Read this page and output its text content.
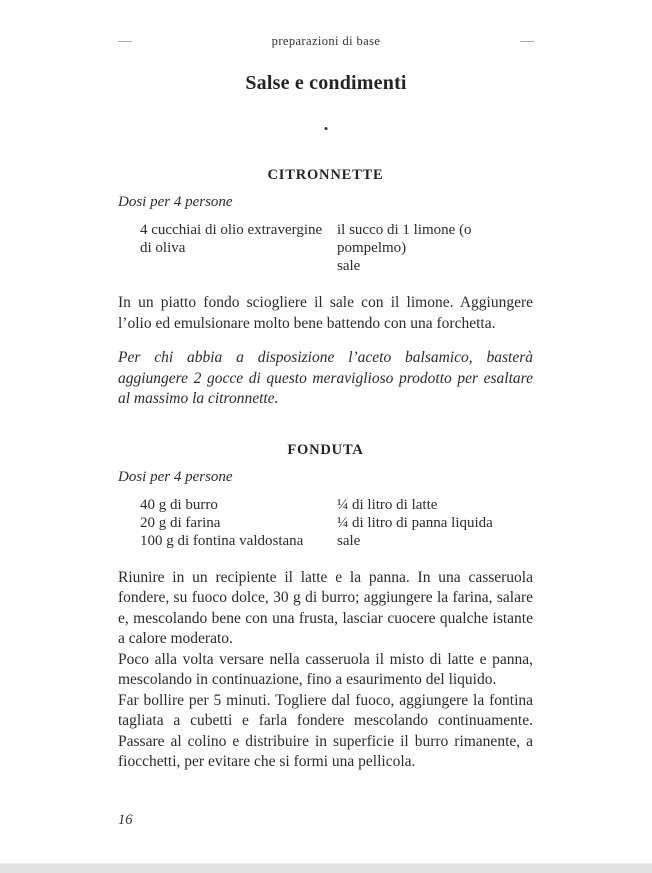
preparazioni di base
Salse e condimenti
•
CITRONNETTE

Dosi per 4 persone

4 cucchiai di olio extravergine di oliva
il succo di 1 limone (o pompelmo)
sale

In un piatto fondo sciogliere il sale con il limone. Aggiungere l’olio ed emulsionare molto bene battendo con una forchetta.

Per chi abbia a disposizione l’aceto balsamico, basterà aggiungere 2 gocce di questo meraviglioso prodotto per esaltare al massimo la citronnette.

FONDUTA

Dosi per 4 persone

40 g di burro
20 g di farina
100 g di fontina valdostana
¼ di litro di latte
¼ di litro di panna liquida
sale

Riunire in un recipiente il latte e la panna. In una casseruola fondere, su fuoco dolce, 30 g di burro; aggiungere la farina, salare e, mescolando bene con una frusta, lasciar cuocere qualche istante a calore moderato.

Poco alla volta versare nella casseruola il misto di latte e panna, mescolando in continuazione, fino a esaurimento del liquido.

Far bollire per 5 minuti. Togliere dal fuoco, aggiungere la fontina tagliata a cubetti e farla fondere mescolando continuamente. Passare al colino e distribuire in superficie il burro rimanente, a fiocchetti, per evitare che si formi una pellicola.

16
